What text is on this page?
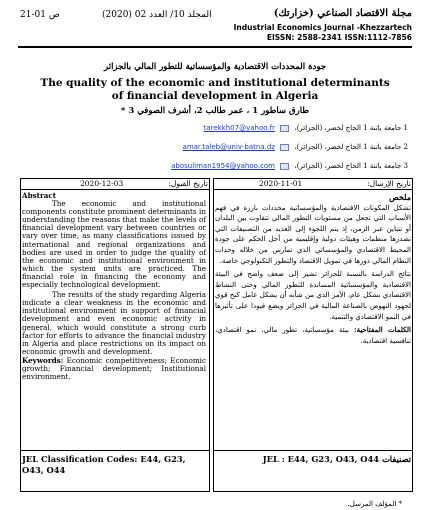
ص 01-21	المجلد 10/ العدد 02 (2020)	مجلة الاقتصاد الصناعي (خزارتك)
Industrial Economics Journal -Khezzartech
EISSN: 2588-2341 ISSN:1112-7856
جودة المحددات الاقتصادية والمؤسساتية للتطور المالي بالجزائر
The quality of the economic and institutional determinants of financial development in Algeria
طارق ساطور 1 ، عمر طالب 2، أشرف الصوفي 3 *
1 جامعة باتنة 1 الحاج لخضر، (الجزائر)،  tarekkh07@yahoo.fr
2 جامعة باتنة 1 الحاج لخضر، (الجزائر)،  amar.taleb@univ-batna.dz
3 جامعة باتنة 1 الحاج لخضر، (الجزائر)،  abosuliman1954@yahoo.com
تاريخ القبول:
2020-12-03	تاريخ الإرسال:
2020-11-01
Abstract
The economic and institutional components constitute prominent determinants in understanding the reasons that make the levels of financial development vary between countries or vary over time, as many classifications issued by international and regional organizations and bodies are used in order to judge the quality of the economic and institutional environment in which the system units are practiced. The financial role in financing the economy and especially technological development.
The results of the study regarding Algeria indicate a clear weakness in the economic and institutional environment in support of financial development and even economic activity in general, which would constitute a strong curb factor for efforts to advance the financial industry in Algeria and place restrictions on its impact on economic growth and development.
Keywords: Economic competitiveness; Economic growth; Financial development; Institutional environment.
ملخص
تشكل المكونات الاقتصادية والمؤسساتية محددات بارزة في فهم الأسباب التي تجعل من مستويات التطور المالي تتفاوت بين البلدان أو تتباين عبر الزمن، إذ يتم اللجوء إلى العديد من التصنيفات التي تصدرها منظمات وهيئات دولية وإقليمية من أجل الحكم على جودة المحيط الاقتصادي والمؤسساتي الذي تمارس من خلاله وحدات النظام المالي دورها في تمويل الاقتصاد والتطور التكنولوجي خاصة.
نتائج الدراسة بالنسبة للجزائر تشير إلى ضعف واضح في البيئة الاقتصادية والمؤسساتية المساندة للتطور المالي وحتى النشاط الاقتصادي بشكل عام، الأمر الذي من شأنه أن يشكل عامل كبح قوي لجهود النهوض بالصناعة المالية في الجزائر ويضع قيودا على تأثيرها في النمو الاقتصادي والتنمية.
الكلمات المفتاحية: بيئة مؤسساتية، تطور مالي، نمو اقتصادي، تنافسية اقتصادية.
JEL Classification Codes: E44, G23, O43, O44
تصنيفات JEL : E44, G23, O43, O44
* المؤلف المرسل.
